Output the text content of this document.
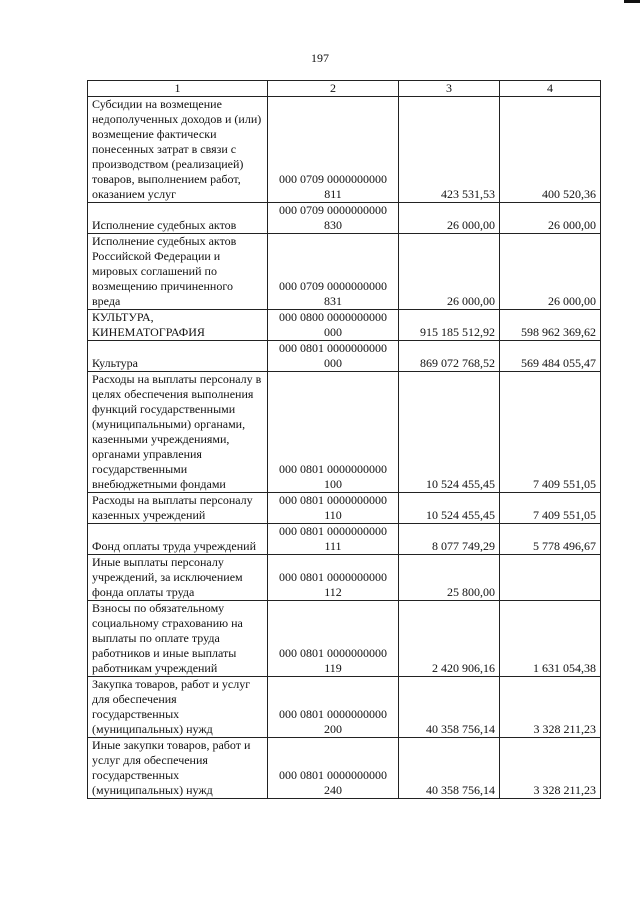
197
1	2	3	4
Субсидии на возмещение недополученных доходов и (или) возмещение фактически понесенных затрат в связи с производством (реализацией) товаров, выполнением работ, оказанием услуг	000 0709 0000000000 811	423 531,53	400 520,36
Исполнение судебных актов	000 0709 0000000000 830	26 000,00	26 000,00
Исполнение судебных актов Российской Федерации и мировых соглашений по возмещению причиненного вреда	000 0709 0000000000 831	26 000,00	26 000,00
КУЛЬТУРА, КИНЕМАТОГРАФИЯ	000 0800 0000000000 000	915 185 512,92	598 962 369,62
Культура	000 0801 0000000000 000	869 072 768,52	569 484 055,47
Расходы на выплаты персоналу в целях обеспечения выполнения функций государственными (муниципальными) органами, казенными учреждениями, органами управления государственными внебюджетными фондами	000 0801 0000000000 100	10 524 455,45	7 409 551,05
Расходы на выплаты персоналу казенных учреждений	000 0801 0000000000 110	10 524 455,45	7 409 551,05
Фонд оплаты труда учреждений	000 0801 0000000000 111	8 077 749,29	5 778 496,67
Иные выплаты персоналу учреждений, за исключением фонда оплаты труда	000 0801 0000000000 112	25 800,00	
Взносы по обязательному социальному страхованию на выплаты по оплате труда работников и иные выплаты работникам учреждений	000 0801 0000000000 119	2 420 906,16	1 631 054,38
Закупка товаров, работ и услуг для обеспечения государственных (муниципальных) нужд	000 0801 0000000000 200	40 358 756,14	3 328 211,23
Иные закупки товаров, работ и услуг для обеспечения государственных (муниципальных) нужд	000 0801 0000000000 240	40 358 756,14	3 328 211,23
